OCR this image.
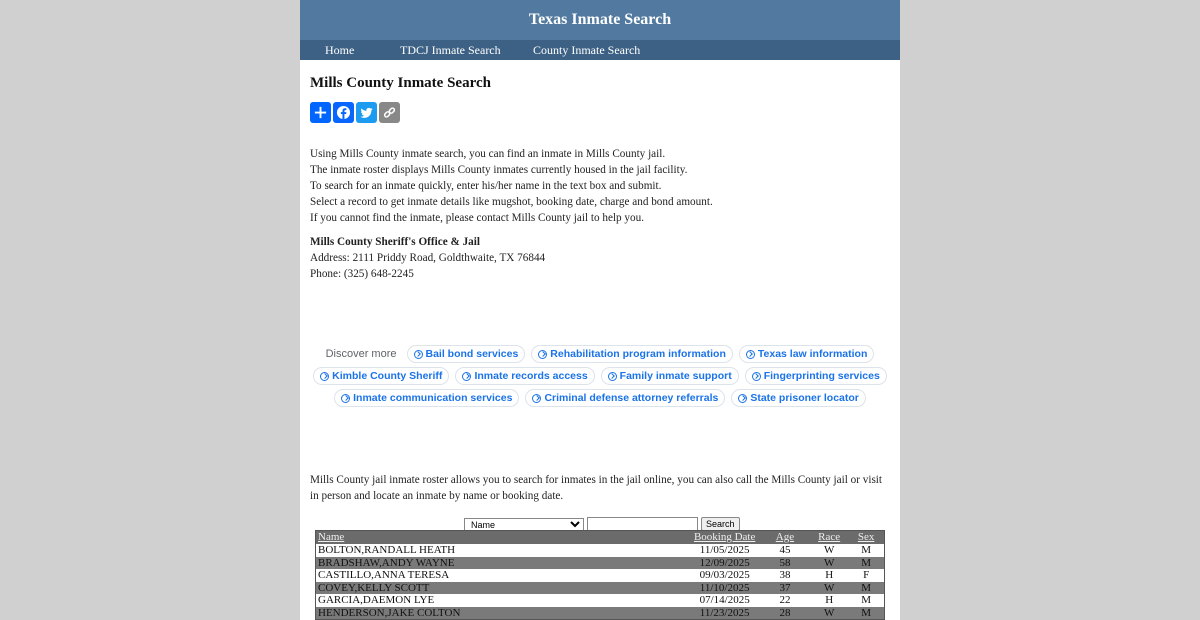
Texas Inmate Search
Home	TDCJ Inmate Search	County Inmate Search
Mills County Inmate Search

Using Mills County inmate search, you can find an inmate in Mills County jail.

The inmate roster displays Mills County inmates currently housed in the jail facility.

To search for an inmate quickly, enter his/her name in the text box and submit.

Select a record to get inmate details like mugshot, booking date, charge and bond amount.

If you cannot find the inmate, please contact Mills County jail to help you.

Mills County Sheriff's Office & Jail

Address: 2111 Priddy Road, Goldthwaite, TX 76844

Phone: (325) 648-2245

Discover more	Bail bond services	Rehabilitation program information	Texas law information
Kimble County Sheriff	Inmate records access	Family inmate support	Fingerprinting services
Inmate communication services	Criminal defense attorney referrals	State prisoner locator
Mills County jail inmate roster allows you to search for inmates in the jail online, you can also call the Mills County jail or visit in person and locate an inmate by name or booking date.
Name
Search
Name	Booking Date	Age	Race	Sex
BOLTON,RANDALL HEATH	11/05/2025	45	W	M
BRADSHAW,ANDY WAYNE	12/09/2025	58	W	M
CASTILLO,ANNA TERESA	09/03/2025	38	H	F
COVEY,KELLY SCOTT	11/10/2025	37	W	M
GARCIA,DAEMON LYE	07/14/2025	22	H	M
HENDERSON,JAKE COLTON	11/23/2025	28	W	M
